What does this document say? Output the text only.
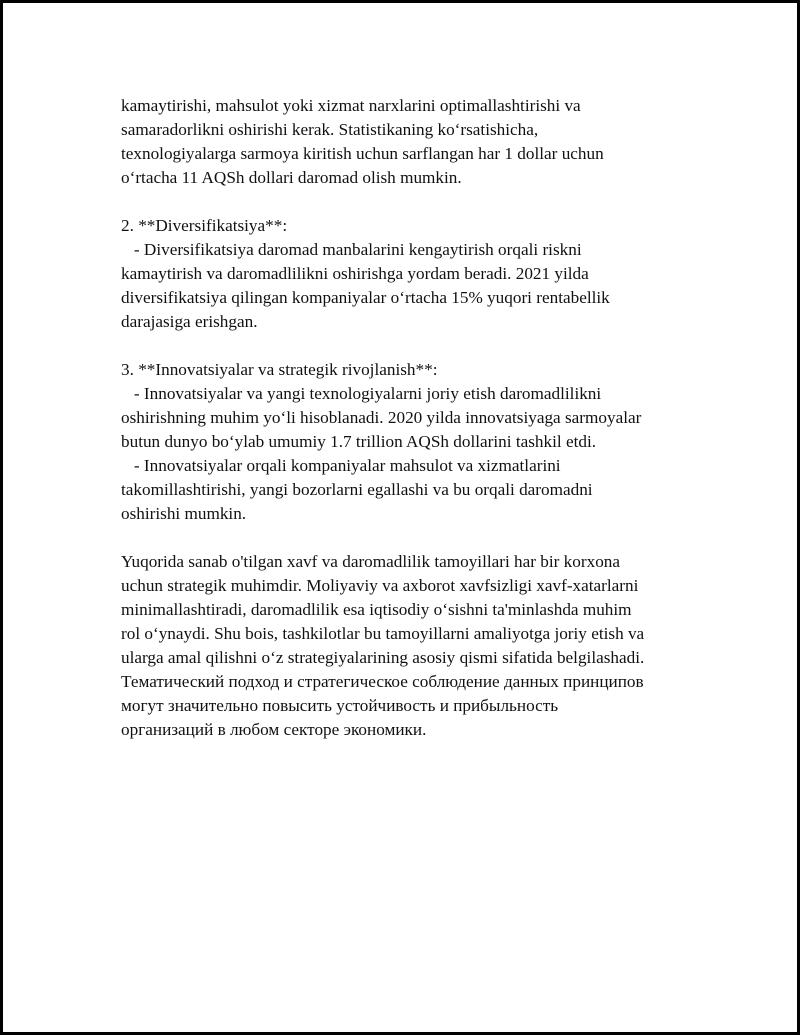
kamaytirishi, mahsulot yoki xizmat narxlarini optimallashtirishi va
samaradorlikni oshirishi kerak. Statistikaning koʻrsatishicha,
texnologiyalarga sarmoya kiritish uchun sarflangan har 1 dollar uchun
oʻrtacha 11 AQSh dollari daromad olish mumkin.
2. **Diversifikatsiya**:
- Diversifikatsiya daromad manbalarini kengaytirish orqali riskni
kamaytirish va daromadlilikni oshirishga yordam beradi. 2021 yilda
diversifikatsiya qilingan kompaniyalar oʻrtacha 15% yuqori rentabellik
darajasiga erishgan.
3. **Innovatsiyalar va strategik rivojlanish**:
- Innovatsiyalar va yangi texnologiyalarni joriy etish daromadlilikni
oshirishning muhim yoʻli hisoblanadi. 2020 yilda innovatsiyaga sarmoyalar
butun dunyo boʻylab umumiy 1.7 trillion AQSh dollarini tashkil etdi.
- Innovatsiyalar orqali kompaniyalar mahsulot va xizmatlarini
takomillashtirishi, yangi bozorlarni egallashi va bu orqali daromadni
oshirishi mumkin.
Yuqorida sanab o'tilgan xavf va daromadlilik tamoyillari har bir korxona
uchun strategik muhimdir. Moliyaviy va axborot xavfsizligi xavf-xatarlarni
minimallashtiradi, daromadlilik esa iqtisodiy oʻsishni ta'minlashda muhim
rol oʻynaydi. Shu bois, tashkilotlar bu tamoyillarni amaliyotga joriy etish va
ularga amal qilishni oʻz strategiyalarining asosiy qismi sifatida belgilashadi.
Тематический подход и стратегическое соблюдение данных принципов
могут значительно повысить устойчивость и прибыльность
организаций в любом секторе экономики.
